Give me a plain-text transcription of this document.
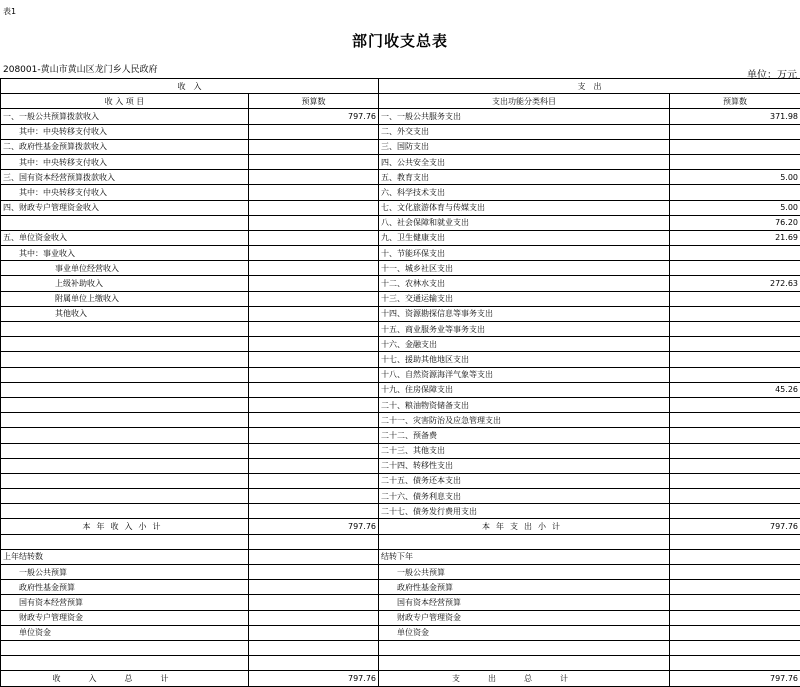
表1
部门收支总表
208001-黄山市黄山区龙门乡人民政府	单位：万元
收　入		支　出	
收 入 项 目	预算数	支出功能分类科目	预算数
一、一般公共预算拨款收入	797.76	一、一般公共服务支出	371.98
其中：中央转移支付收入		二、外交支出	
二、政府性基金预算拨款收入		三、国防支出	
其中：中央转移支付收入		四、公共安全支出	
三、国有资本经营预算拨款收入		五、教育支出	5.00
其中：中央转移支付收入		六、科学技术支出	
四、财政专户管理资金收入		七、文化旅游体育与传媒支出	5.00
		八、社会保障和就业支出	76.20
五、单位资金收入		九、卫生健康支出	21.69
其中：事业收入		十、节能环保支出	
事业单位经营收入		十一、城乡社区支出	
上级补助收入		十二、农林水支出	272.63
附属单位上缴收入		十三、交通运输支出	
其他收入		十四、资源勘探信息等事务支出	
		十五、商业服务业等事务支出	
		十六、金融支出	
		十七、援助其他地区支出	
		十八、自然资源海洋气象等支出	
		十九、住房保障支出	45.26
		二十、粮油物资储备支出	
		二十一、灾害防治及应急管理支出	
		二十二、预备费	
		二十三、其他支出	
		二十四、转移性支出	
		二十五、债务还本支出	
		二十六、债务利息支出	
		二十七、债务发行费用支出	
本年收入小计	797.76	本年支出小计	797.76

上年结转数		结转下年	
一般公共预算		一般公共预算	
政府性基金预算		政府性基金预算	
国有资本经营预算		国有资本经营预算	
财政专户管理资金		财政专户管理资金	
单位资金		单位资金	

收入总计	797.76	支出总计	797.76
